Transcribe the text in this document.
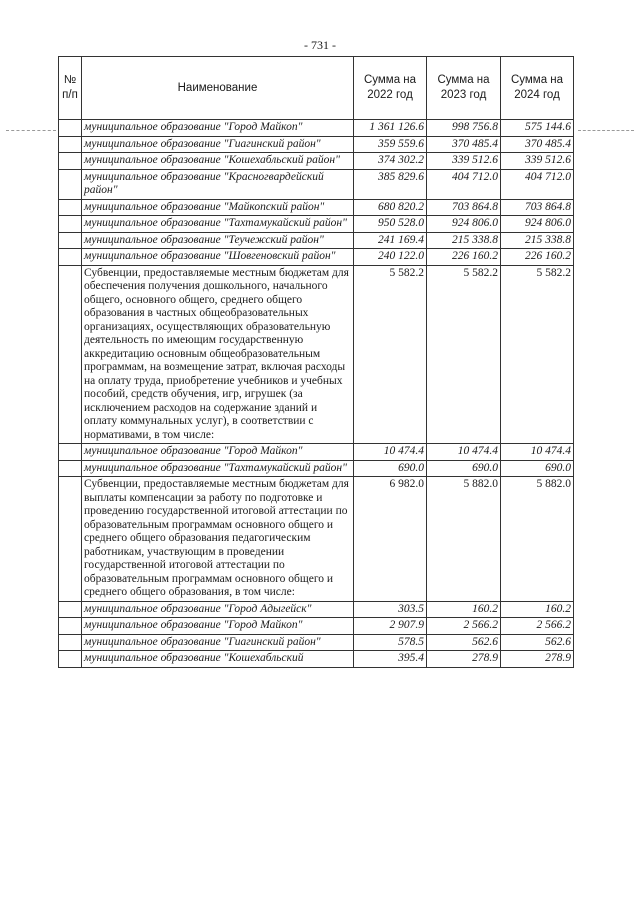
- 731 -
№ п/п	Наименование	Сумма на 2022 год	Сумма на 2023 год	Сумма на 2024 год
	муниципальное образование "Город Майкоп"	1 361 126.6	998 756.8	575 144.6
	муниципальное образование "Гиагинский район"	359 559.6	370 485.4	370 485.4
	муниципальное образование "Кошехабльский район"	374 302.2	339 512.6	339 512.6
	муниципальное образование "Красногвардейский район"	385 829.6	404 712.0	404 712.0
	муниципальное образование "Майкопский район"	680 820.2	703 864.8	703 864.8
	муниципальное образование "Тахтамукайский район"	950 528.0	924 806.0	924 806.0
	муниципальное образование "Теучежский район"	241 169.4	215 338.8	215 338.8
	муниципальное образование "Шовгеновский район"	240 122.0	226 160.2	226 160.2
	Субвенции, предоставляемые местным бюджетам для обеспечения получения дошкольного, начального общего, основного общего, среднего общего образования в частных общеобразовательных организациях, осуществляющих образовательную деятельность по имеющим государственную аккредитацию основным общеобразовательным программам, на возмещение затрат, включая расходы на оплату труда, приобретение учебников и учебных пособий, средств обучения, игр, игрушек (за исключением расходов на содержание зданий и оплату коммунальных услуг), в соответствии с нормативами, в том числе:	5 582.2	5 582.2	5 582.2
	муниципальное образование "Город Майкоп"	10 474.4	10 474.4	10 474.4
	муниципальное образование "Тахтамукайский район"	690.0	690.0	690.0
	Субвенции, предоставляемые местным бюджетам для выплаты компенсации за работу по подготовке и проведению государственной итоговой аттестации по образовательным программам основного общего и среднего общего образования педагогическим работникам, участвующим в проведении государственной итоговой аттестации по образовательным программам основного общего и среднего общего образования, в том числе:	6 982.0	5 882.0	5 882.0
	муниципальное образование "Город Адыгейск"	303.5	160.2	160.2
	муниципальное образование "Город Майкоп"	2 907.9	2 566.2	2 566.2
	муниципальное образование "Гиагинский район"	578.5	562.6	562.6
	муниципальное образование "Кошехабльский	395.4	278.9	278.9
